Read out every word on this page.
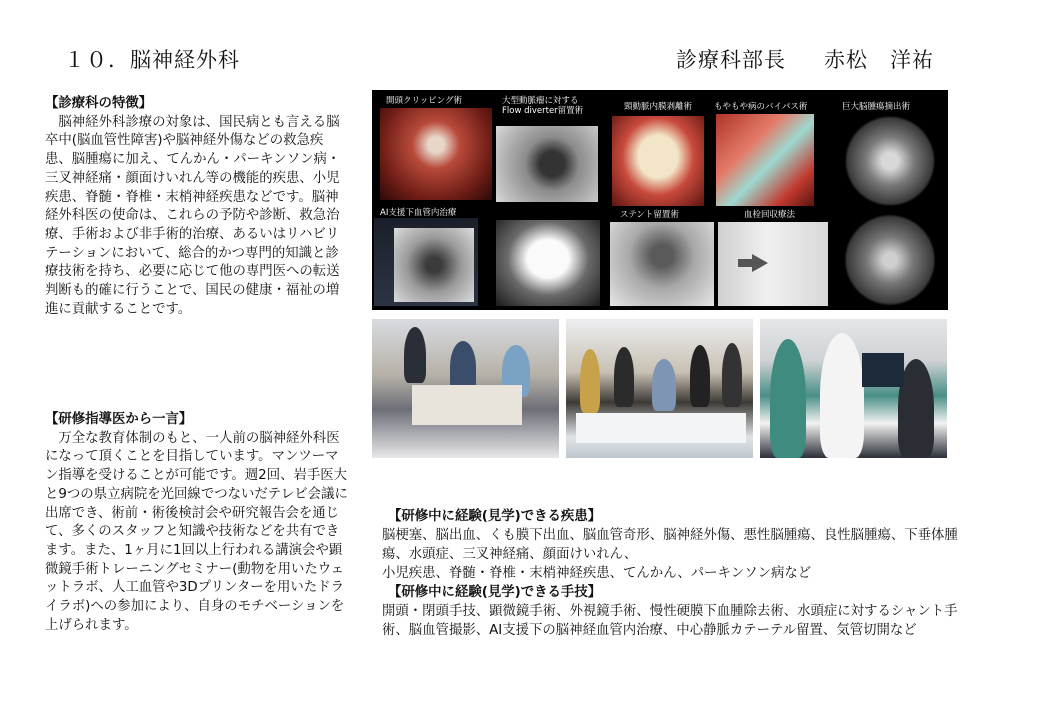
１０．脳神経外科	診療科部長 赤松　洋祐
【診療科の特徴】

脳神経外科診療の対象は、国民病とも言える脳卒中(脳血管性障害)や脳神経外傷などの救急疾患、脳腫瘍に加え、てんかん・パーキンソン病・三叉神経痛・顔面けいれん等の機能的疾患、小児疾患、脊髄・脊椎・末梢神経疾患などです。脳神経外科医の使命は、これらの予防や診断、救急治療、手術および非手術的治療、あるいはリハビリテーションにおいて、総合的かつ専門的知識と診療技術を持ち、必要に応じて他の専門医への転送判断も的確に行うことで、国民の健康・福祉の増進に貢献することです。

【研修指導医から一言】

万全な教育体制のもと、一人前の脳神経外科医になって頂くことを目指しています。マンツーマン指導を受けることが可能です。週2回、岩手医大と9つの県立病院を光回線でつないだテレビ会議に出席でき、術前・術後検討会や研究報告会を通じて、多くのスタッフと知識や技術などを共有できます。また、1ヶ月に1回以上行われる講演会や顕微鏡手術トレーニングセミナー(動物を用いたウェットラボ、人工血管や3Dプリンターを用いたドライラボ)への参加により、自身のモチベーションを上げられます。

【研修中に経験(見学)できる疾患】

脳梗塞、脳出血、くも膜下出血、脳血管奇形、脳神経外傷、悪性脳腫瘍、良性脳腫瘍、下垂体腫瘍、水頭症、三叉神経痛、顔面けいれん、

小児疾患、脊髄・脊椎・末梢神経疾患、てんかん、パーキンソン病など

【研修中に経験(見学)できる手技】

開頭・閉頭手技、顕微鏡手術、外視鏡手術、慢性硬膜下血腫除去術、水頭症に対するシャント手術、脳血管撮影、AI支援下の脳神経血管内治療、中心静脈カテーテル留置、気管切開など

開頭クリッピング術	大型動脈瘤に対する
Flow diverter留置術	頸動脈内膜剥離術	もやもや病のバイパス術	巨大脳腫瘍摘出術
AI支援下血管内治療	ステント留置術	血栓回収療法
